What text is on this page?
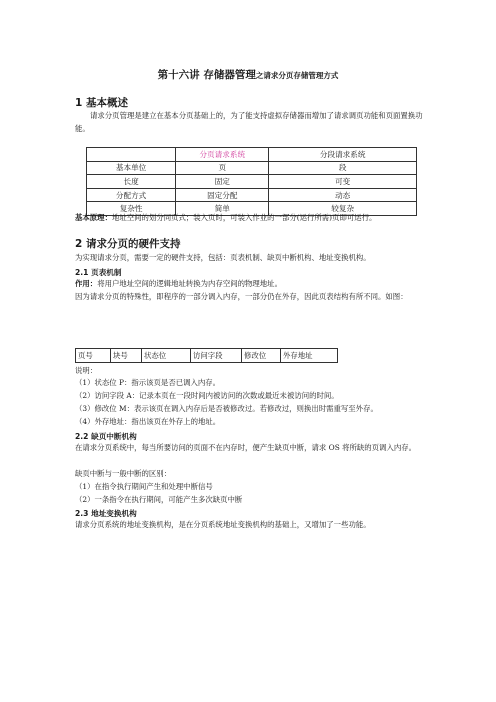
第十六讲 存储器管理之请求分页存储管理方式
1 基本概述
请求分页管理是建立在基本分页基础上的，为了能支持虚拟存储器而增加了请求调页功能和页面置换功能。
	分页请求系统	分段请求系统
基本单位	页	段
长度	固定	可变
分配方式	固定分配	动态
复杂性	简单	较复杂
基本原理：地址空间的划分同页式；装入页时，可装入作业的一部分(运行所需)页即可运行。
2 请求分页的硬件支持
为实现请求分页，需要一定的硬件支持，包括：页表机制、缺页中断机构、地址变换机构。
2.1 页表机制
作用：将用户地址空间的逻辑地址转换为内存空间的物理地址。
因为请求分页的特殊性，即程序的一部分调入内存，一部分仍在外存，因此页表结构有所不同。如图：
页号	块号	状态位	访问字段	修改位	外存地址
说明：
（1）状态位 P：指示该页是否已调入内存。
（2）访问字段 A：记录本页在一段时间内被访问的次数或最近未被访问的时间。
（3）修改位 M：表示该页在调入内存后是否被修改过。若修改过，则换出时需重写至外存。
（4）外存地址：指出该页在外存上的地址。
2.2 缺页中断机构
在请求分页系统中，每当所要访问的页面不在内存时，便产生缺页中断，请求 OS 将所缺的页调入内存。
缺页中断与一般中断的区别：
（1）在指令执行期间产生和处理中断信号
（2）一条指令在执行期间，可能产生多次缺页中断
2.3 地址变换机构
请求分页系统的地址变换机构，是在分页系统地址变换机构的基础上，又增加了一些功能。
